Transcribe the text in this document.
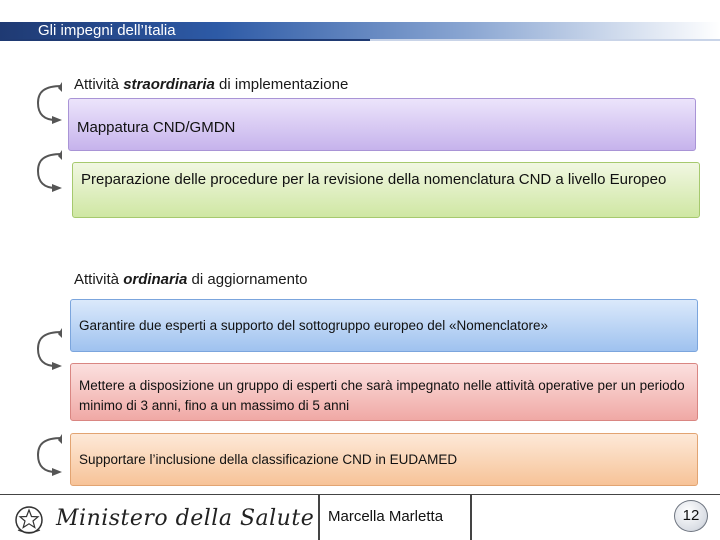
Gli impegni dell’Italia
Attività straordinaria di implementazione
Mappatura CND/GMDN
Preparazione delle procedure per la revisione della nomenclatura CND a livello Europeo
Attività ordinaria di aggiornamento
Garantire due esperti a supporto del sottogruppo europeo del «Nomenclatore»
Mettere a disposizione un gruppo di esperti che sarà impegnato nelle attività operative per un periodo minimo di 3 anni, fino a un massimo di 5 anni
Supportare l’inclusione della classificazione CND in EUDAMED
Ministero della Salute Marcella Marletta	12
